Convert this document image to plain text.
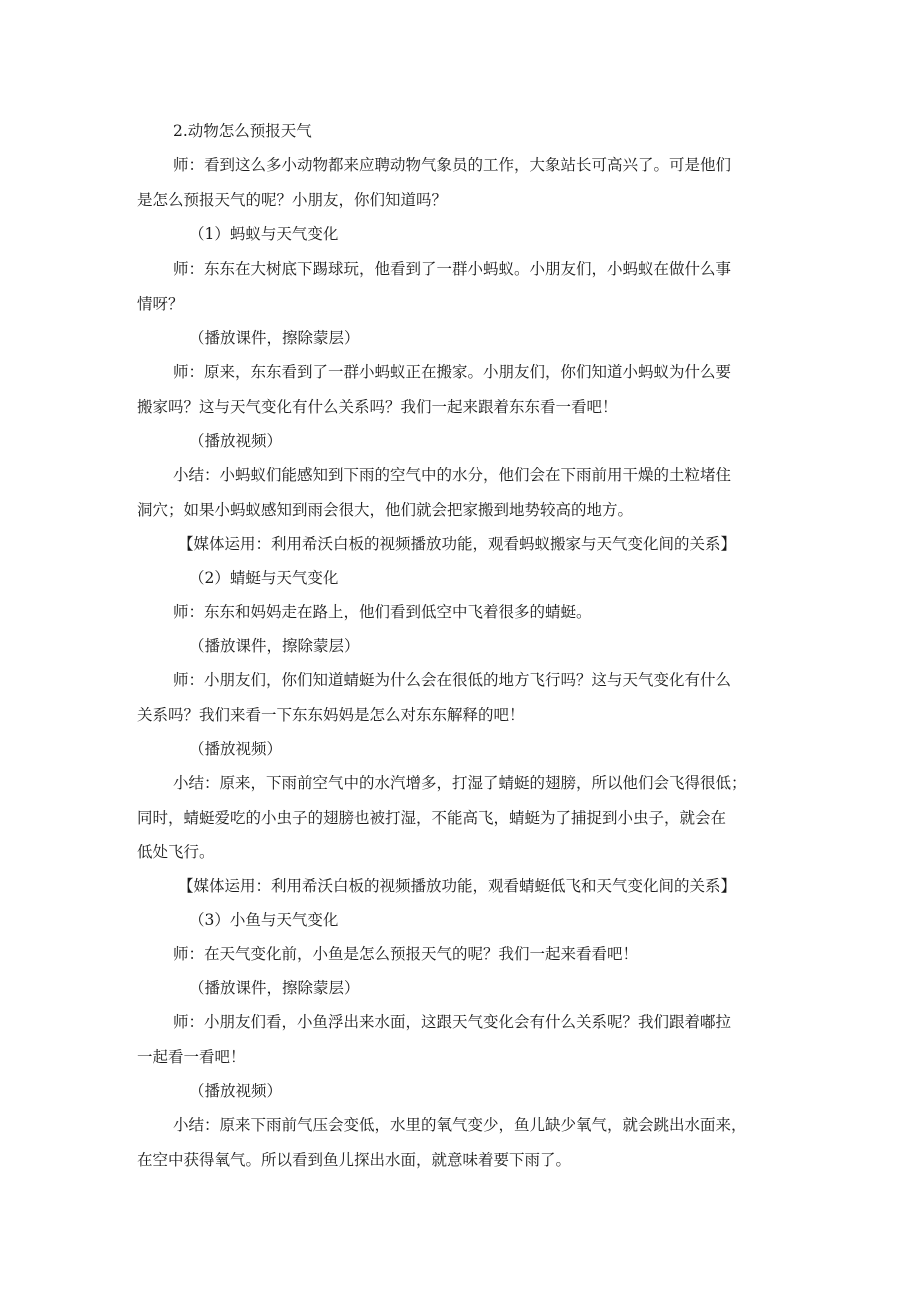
2.动物怎么预报天气
师：看到这么多小动物都来应聘动物气象员的工作，大象站长可高兴了。可是他们
是怎么预报天气的呢？小朋友，你们知道吗？
（1）蚂蚁与天气变化
师：东东在大树底下踢球玩，他看到了一群小蚂蚁。小朋友们，小蚂蚁在做什么事
情呀？
（播放课件，擦除蒙层）
师：原来，东东看到了一群小蚂蚁正在搬家。小朋友们，你们知道小蚂蚁为什么要
搬家吗？这与天气变化有什么关系吗？我们一起来跟着东东看一看吧！
（播放视频）
小结：小蚂蚁们能感知到下雨的空气中的水分，他们会在下雨前用干燥的土粒堵住
洞穴；如果小蚂蚁感知到雨会很大，他们就会把家搬到地势较高的地方。
【媒体运用：利用希沃白板的视频播放功能，观看蚂蚁搬家与天气变化间的关系】
（2）蜻蜓与天气变化
师：东东和妈妈走在路上，他们看到低空中飞着很多的蜻蜓。
（播放课件，擦除蒙层）
师：小朋友们，你们知道蜻蜓为什么会在很低的地方飞行吗？这与天气变化有什么
关系吗？我们来看一下东东妈妈是怎么对东东解释的吧！
（播放视频）
小结：原来，下雨前空气中的水汽增多，打湿了蜻蜓的翅膀，所以他们会飞得很低；
同时，蜻蜓爱吃的小虫子的翅膀也被打湿，不能高飞，蜻蜓为了捕捉到小虫子，就会在
低处飞行。
【媒体运用：利用希沃白板的视频播放功能，观看蜻蜓低飞和天气变化间的关系】
（3）小鱼与天气变化
师：在天气变化前，小鱼是怎么预报天气的呢？我们一起来看看吧！
（播放课件，擦除蒙层）
师：小朋友们看，小鱼浮出来水面，这跟天气变化会有什么关系呢？我们跟着嘟拉
一起看一看吧！
（播放视频）
小结：原来下雨前气压会变低，水里的氧气变少，鱼儿缺少氧气，就会跳出水面来，
在空中获得氧气。所以看到鱼儿探出水面，就意味着要下雨了。
